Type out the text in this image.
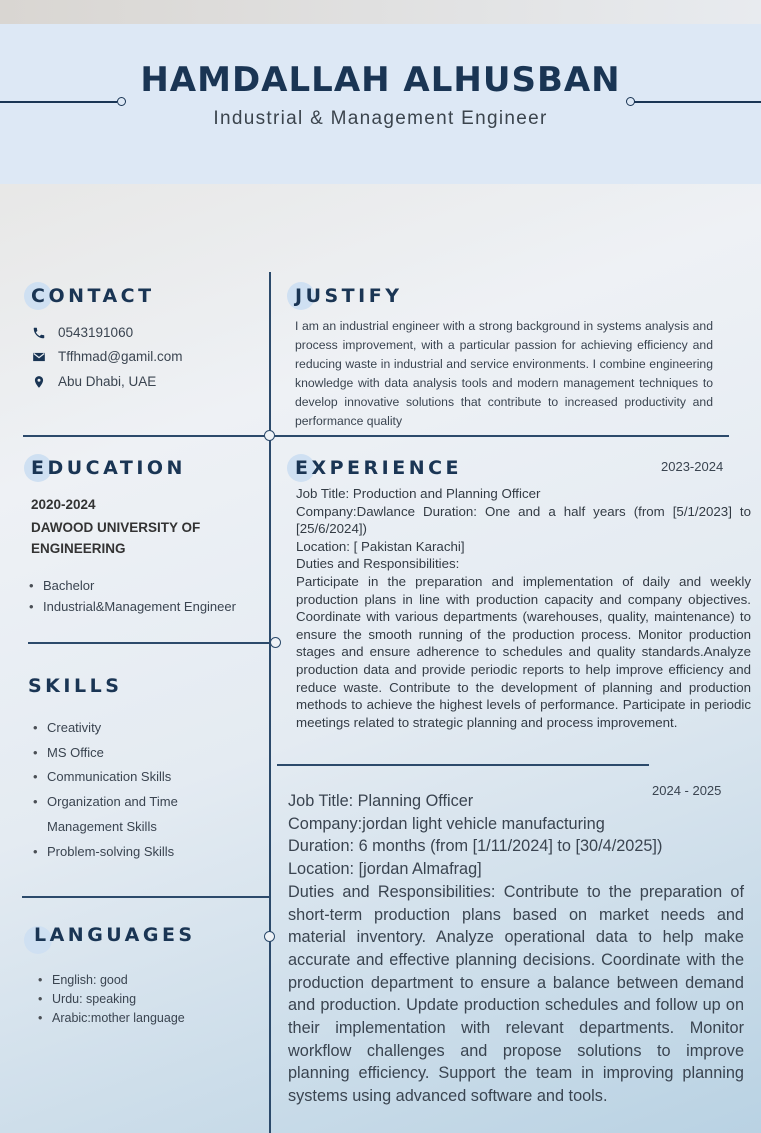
HAMDALLAH ALHUSBAN
Industrial & Management Engineer
CONTACT
0543191060
Tffhmad@gamil.com
Abu Dhabi, UAE
EDUCATION
2020-2024
DAWOOD UNIVERSITY OF ENGINEERING
• Bachelor
• Industrial&Management Engineer
SKILLS
• Creativity
• MS Office
• Communication Skills
• Organization and Time Management Skills
• Problem-solving Skills
LANGUAGES
• English: good
• Urdu: speaking
• Arabic:mother language
JUSTIFY
I am an industrial engineer with a strong background in systems analysis and process improvement, with a particular passion for achieving efficiency and reducing waste in industrial and service environments. I combine engineering knowledge with data analysis tools and modern management techniques to develop innovative solutions that contribute to increased productivity and performance quality
EXPERIENCE	2023-2024
Job Title: Production and Planning Officer
Company:Dawlance Duration: One and a half years (from [5/1/2023] to [25/6/2024])
Location: [ Pakistan Karachi]
Duties and Responsibilities:
Participate in the preparation and implementation of daily and weekly production plans in line with production capacity and company objectives. Coordinate with various departments (warehouses, quality, maintenance) to ensure the smooth running of the production process. Monitor production stages and ensure adherence to schedules and quality standards.Analyze production data and provide periodic reports to help improve efficiency and reduce waste. Contribute to the development of planning and production methods to achieve the highest levels of performance. Participate in periodic meetings related to strategic planning and process improvement.
2024 - 2025
Job Title: Planning Officer
Company:jordan light vehicle manufacturing
Duration: 6 months (from [1/11/2024] to [30/4/2025])
Location: [jordan Almafrag]
Duties and Responsibilities: Contribute to the preparation of short-term production plans based on market needs and material inventory. Analyze operational data to help make accurate and effective planning decisions. Coordinate with the production department to ensure a balance between demand and production. Update production schedules and follow up on their implementation with relevant departments. Monitor workflow challenges and propose solutions to improve planning efficiency. Support the team in improving planning systems using advanced software and tools.
